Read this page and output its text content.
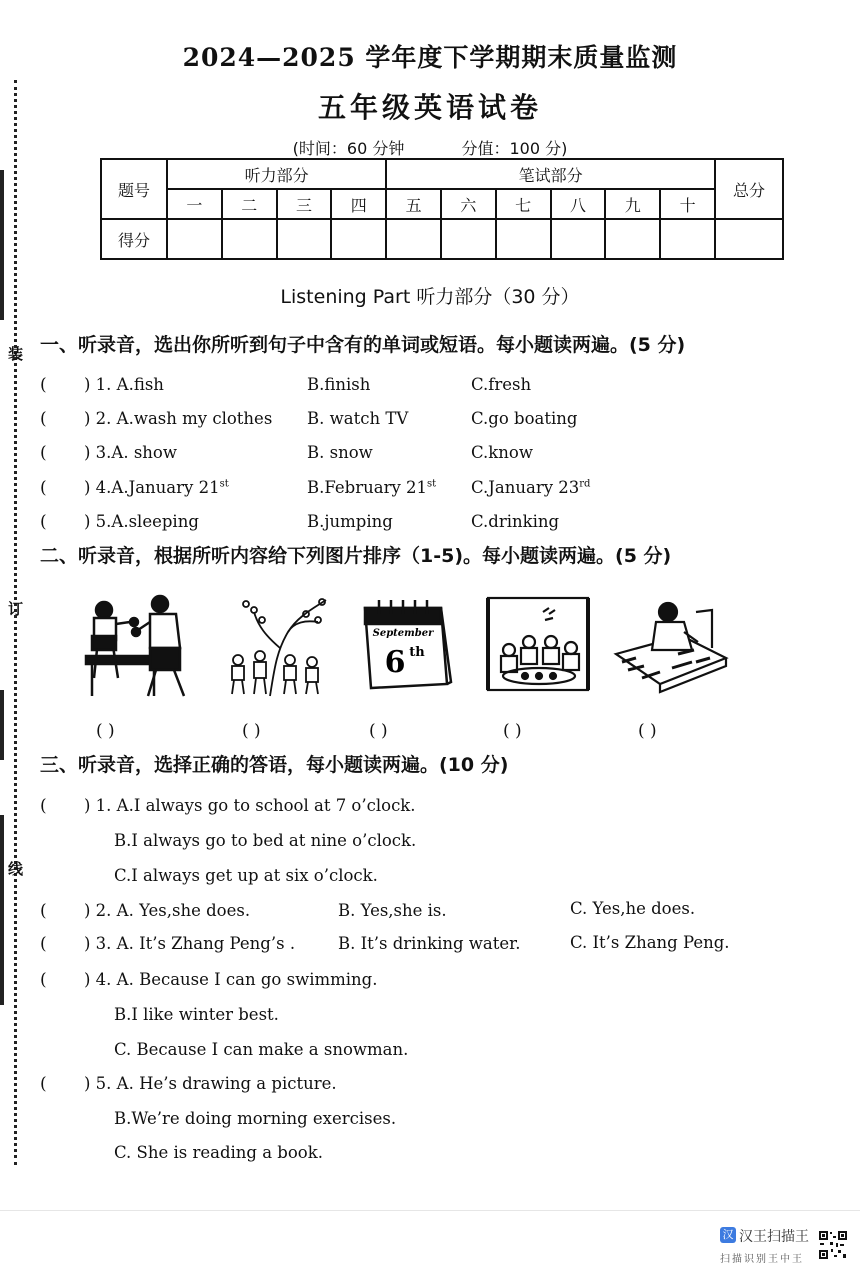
装
订
线
2024—2025 学年度下学期期末质量监测
五年级英语试卷
(时间：60 分钟	分值：100 分)
题号	听力部分				笔试部分						总分
	一	二	三	四	五	六	七	八	九	十	
得分											
Listening Part 听力部分（30 分）
一、听录音，选出你所听到句子中含有的单词或短语。每小题读两遍。(5 分)
( ) 1. A.fish	B.finish	C.fresh
( ) 2. A.wash my clothes B. watch TV	C.go boating
( ) 3.A. show	B. snow	C.know
( ) 4.A.January 21st	B.February 21st C.January 23rd
( ) 5.A.sleeping	B.jumping	C.drinking
二、听录音，根据所听内容给下列图片排序（1-5)。每小题读两遍。(5 分)
September
6 th
( )	( )	( )	( )	( )
三、听录音，选择正确的答语，每小题读两遍。(10 分)
( ) 1. A.I always go to school at 7 o’clock.
B.I always go to bed at nine o’clock.
C.I always get up at six o’clock.
( ) 2. A. Yes,she does.	B. Yes,she is.	C. Yes,he does.
( ) 3. A. It’s Zhang Peng’s .	B. It’s drinking water.	C. It’s Zhang Peng.
( ) 4. A. Because I can go swimming.
B.I like winter best.
C. Because I can make a snowman.
( ) 5. A. He’s drawing a picture.
B.We’re doing morning exercises.
C. She is reading a book.
汉 汉王扫描王
扫描识别王中王
